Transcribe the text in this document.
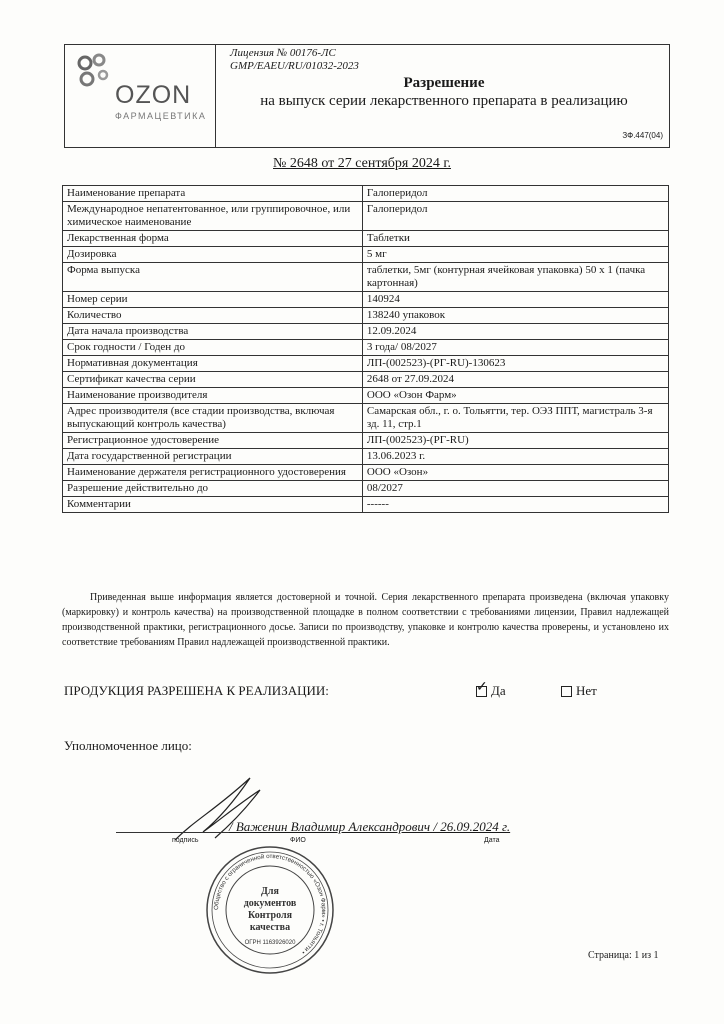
OZON
ФАРМАЦЕВТИКА
Лицензия № 00176-ЛС
GMP/EAEU/RU/01032-2023
Разрешение
на выпуск серии лекарственного препарата в реализацию
ЗФ.447(04)
№ 2648 от 27 сентября 2024 г.
Наименование препарата	Галоперидол
Международное непатентованное, или группировочное, или химическое наименование	Галоперидол
Лекарственная форма	Таблетки
Дозировка	5 мг
Форма выпуска	таблетки, 5мг (контурная ячейковая упаковка) 50 х 1 (пачка картонная)
Номер серии	140924
Количество	138240 упаковок
Дата начала производства	12.09.2024
Срок годности / Годен до	3 года/ 08/2027
Нормативная документация	ЛП-(002523)-(РГ-RU)-130623
Сертификат качества серии	2648 от 27.09.2024
Наименование производителя	ООО «Озон Фарм»
Адрес производителя (все стадии производства, включая выпускающий контроль качества)	Самарская обл., г. о. Тольятти, тер. ОЭЗ ППТ, магистраль 3-я зд. 11, стр.1
Регистрационное удостоверение	ЛП-(002523)-(РГ-RU)
Дата государственной регистрации	13.06.2023 г.
Наименование держателя регистрационного удостоверения	ООО «Озон»
Разрешение действительно до	08/2027
Комментарии	------
Приведенная выше информация является достоверной и точной. Серия лекарственного препарата произведена (включая упаковку (маркировку) и контроль качества) на производственной площадке в полном соответствии с требованиями лицензии, Правил надлежащей производственной практики, регистрационного досье. Записи по производству, упаковке и контролю качества проверены, и установлено их соответствие требованиям Правил надлежащей производственной практики.
ПРОДУКЦИЯ РАЗРЕШЕНА К РЕАЛИЗАЦИИ:	✓ Да	Нет
Уполномоченное лицо:
/ Важенин Владимир Александрович / 26.09.2024 г.
подпись	ФИО	Дата
Общество с ограниченной ответственностью «Озон Фарм» • г. Тольятти •
Для
документов
Контроля
качества
ОГРН 1163926020
Страница: 1 из 1
